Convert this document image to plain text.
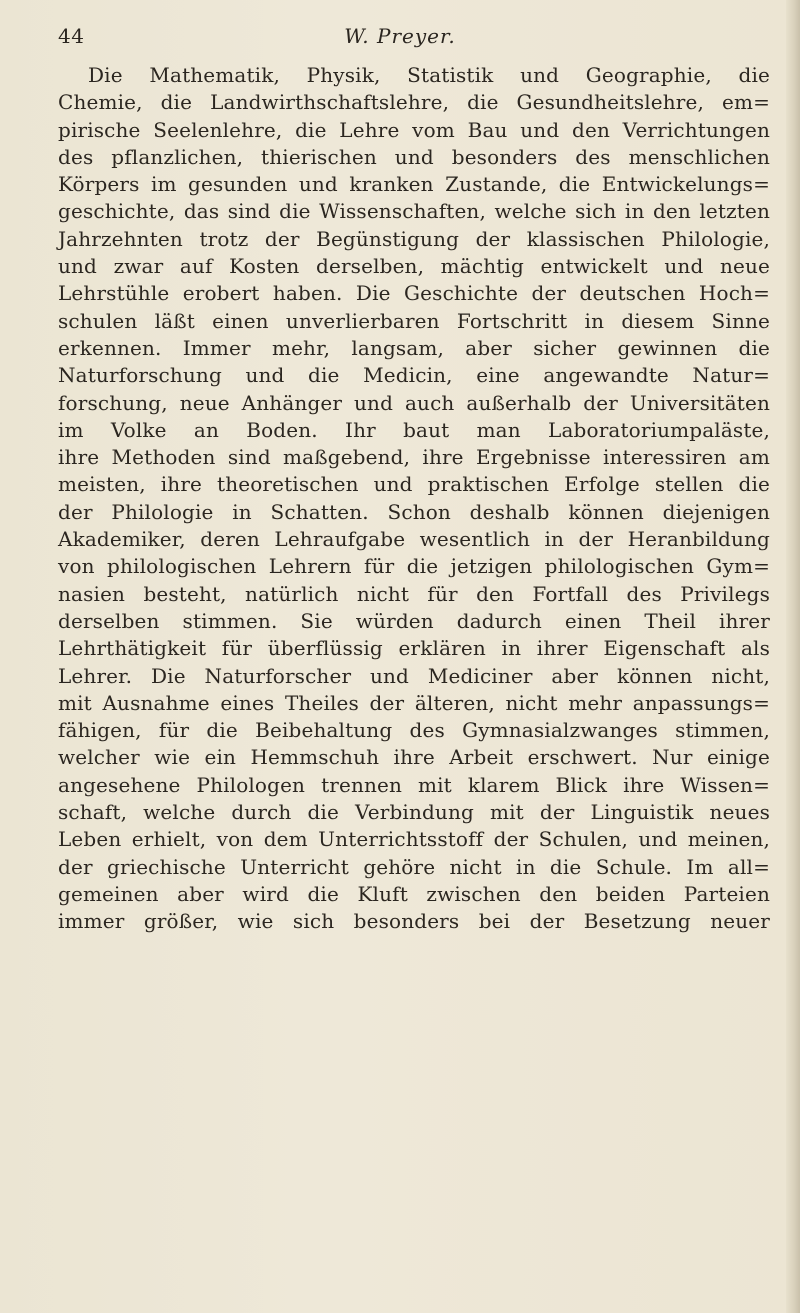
44	W. Preyer.
Die Mathematik, Physik, Statistik und Geographie, die
Chemie, die Landwirthschaftslehre, die Gesundheitslehre, em=
pirische Seelenlehre, die Lehre vom Bau und den Verrichtungen
des pflanzlichen, thierischen und besonders des menschlichen
Körpers im gesunden und kranken Zustande, die Entwickelungs=
geschichte, das sind die Wissenschaften, welche sich in den letzten
Jahrzehnten trotz der Begünstigung der klassischen Philologie,
und zwar auf Kosten derselben, mächtig entwickelt und neue
Lehrstühle erobert haben. Die Geschichte der deutschen Hoch=
schulen läßt einen unverlierbaren Fortschritt in diesem Sinne
erkennen. Immer mehr, langsam, aber sicher gewinnen die
Naturforschung und die Medicin, eine angewandte Natur=
forschung, neue Anhänger und auch außerhalb der Universitäten
im Volke an Boden. Ihr baut man Laboratoriumpaläste,
ihre Methoden sind maßgebend, ihre Ergebnisse interessiren am
meisten, ihre theoretischen und praktischen Erfolge stellen die
der Philologie in Schatten. Schon deshalb können diejenigen
Akademiker, deren Lehraufgabe wesentlich in der Heranbildung
von philologischen Lehrern für die jetzigen philologischen Gym=
nasien besteht, natürlich nicht für den Fortfall des Privilegs
derselben stimmen. Sie würden dadurch einen Theil ihrer
Lehrthätigkeit für überflüssig erklären in ihrer Eigenschaft als
Lehrer. Die Naturforscher und Mediciner aber können nicht,
mit Ausnahme eines Theiles der älteren, nicht mehr anpassungs=
fähigen, für die Beibehaltung des Gymnasialzwanges stimmen,
welcher wie ein Hemmschuh ihre Arbeit erschwert. Nur einige
angesehene Philologen trennen mit klarem Blick ihre Wissen=
schaft, welche durch die Verbindung mit der Linguistik neues
Leben erhielt, von dem Unterrichtsstoff der Schulen, und meinen,
der griechische Unterricht gehöre nicht in die Schule. Im all=
gemeinen aber wird die Kluft zwischen den beiden Parteien
immer größer, wie sich besonders bei der Besetzung neuer
